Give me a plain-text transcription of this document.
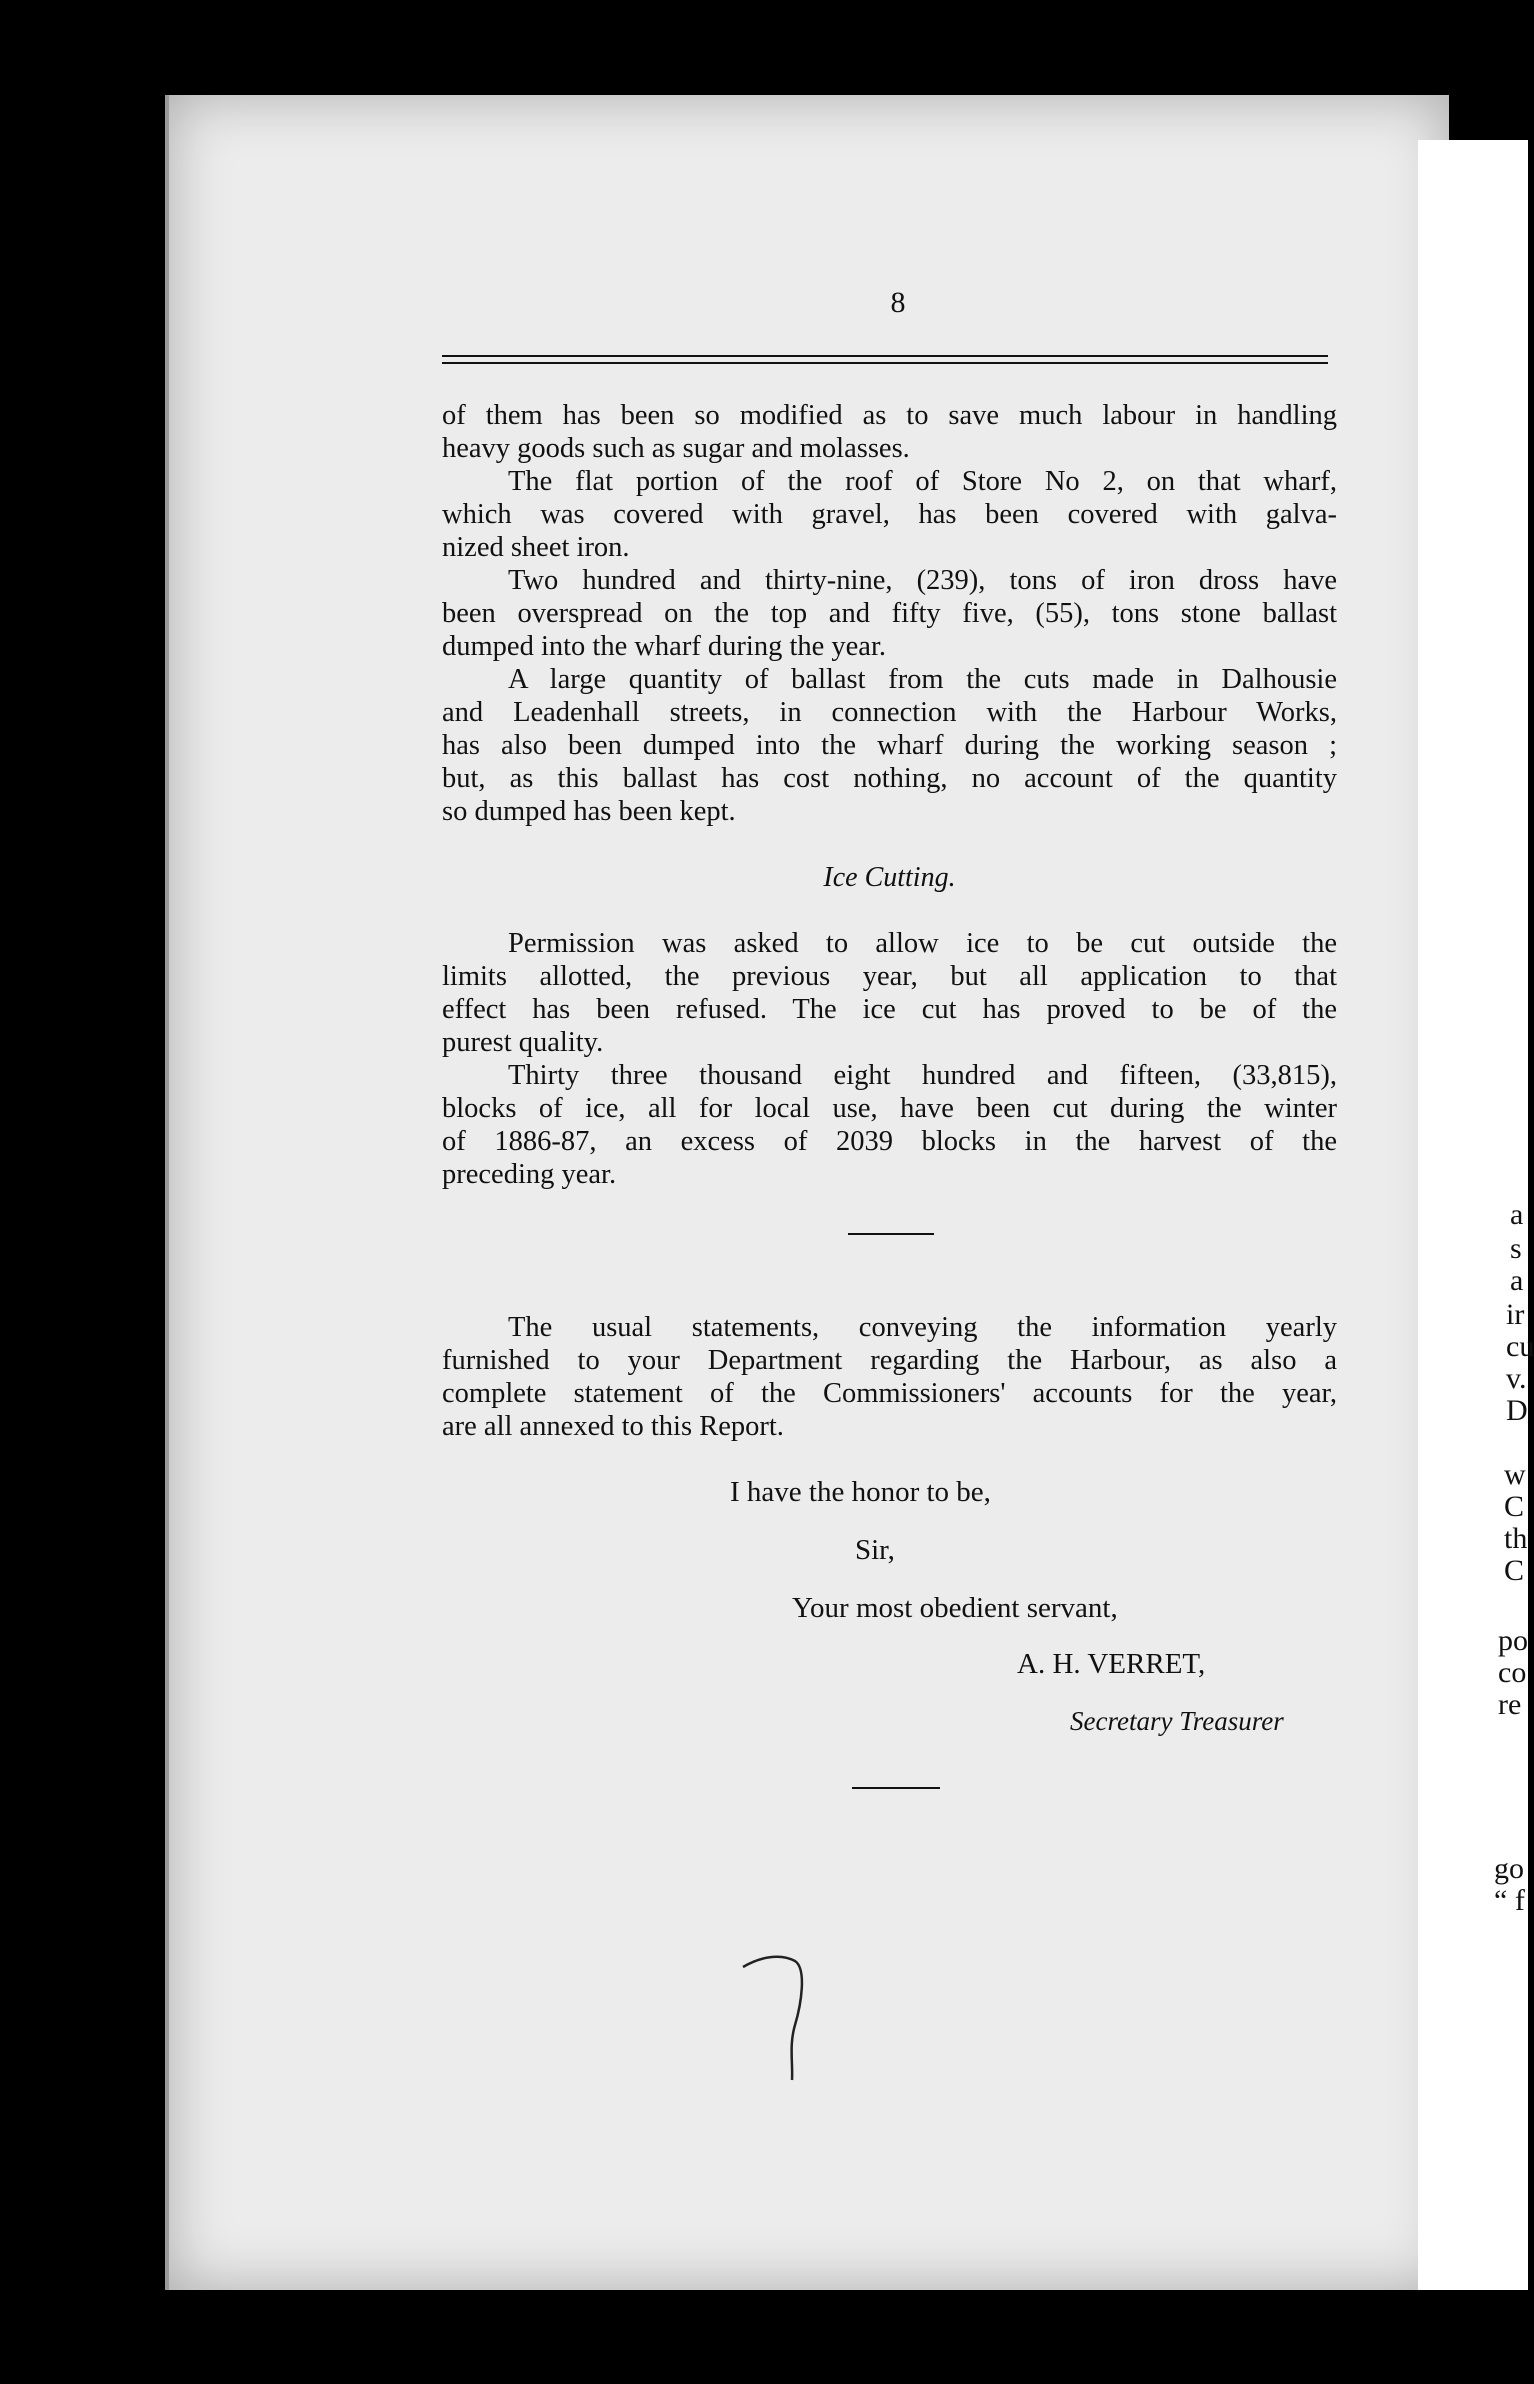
8
of them has been so modified as to save much labour in handling
heavy goods such as sugar and molasses.
The flat portion of the roof of Store No 2, on that wharf,
which was covered with gravel, has been covered with galva-
nized sheet iron.
Two hundred and thirty-nine, (239), tons of iron dross have
been overspread on the top and fifty five, (55), tons stone ballast
dumped into the wharf during the year.
A large quantity of ballast from the cuts made in Dalhousie
and Leadenhall streets, in connection with the Harbour Works,
has also been dumped into the wharf during the working season ;
but, as this ballast has cost nothing, no account of the quantity
so dumped has been kept.
Ice Cutting.
Permission was asked to allow ice to be cut outside the
limits allotted, the previous year, but all application to that
effect has been refused. The ice cut has proved to be of the
purest quality.
Thirty three thousand eight hundred and fifteen, (33,815),
blocks of ice, all for local use, have been cut during the winter
of 1886-87, an excess of 2039 blocks in the harvest of the
preceding year.
The usual statements, conveying the information yearly
furnished to your Department regarding the Harbour, as also a
complete statement of the Commissioners' accounts for the year,
are all annexed to this Report.
I have the honor to be,
Sir,
Your most obedient servant,
A. H. VERRET,
Secretary Treasurer
a
s
a
ir
cu
v.
D
w
C
th
C
po
co
re
go
“ f
